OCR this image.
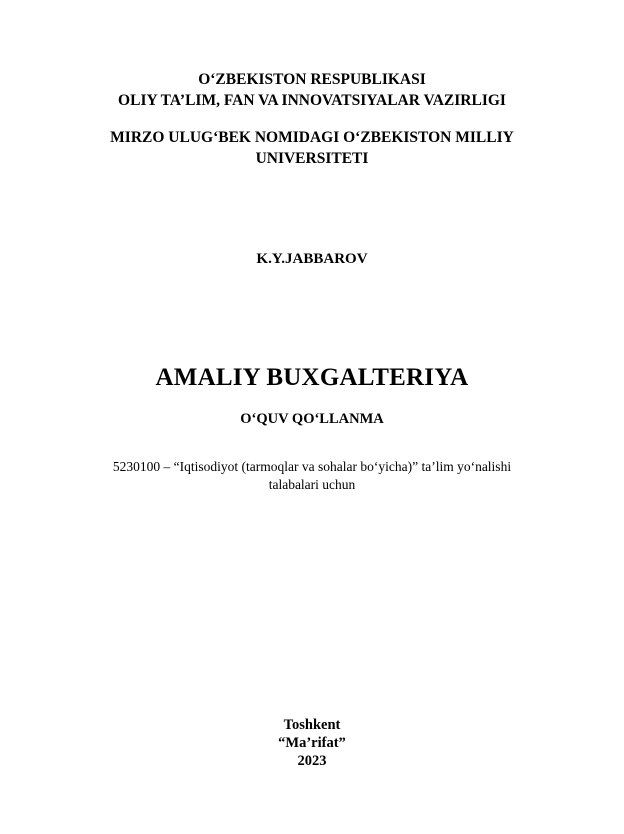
O‘ZBEKISTON RESPUBLIKASI
OLIY TA’LIM, FAN VA INNOVATSIYALAR VAZIRLIGI
MIRZO ULUG‘BEK NOMIDAGI O‘ZBEKISTON MILLIY
UNIVERSITETI
K.Y.JABBAROV
AMALIY BUXGALTERIYA
O‘QUV QO‘LLANMA
5230100 – “Iqtisodiyot (tarmoqlar va sohalar bo‘yicha)” ta’lim yo‘nalishi
talabalari uchun
Toshkent
“Ma’rifat”
2023
